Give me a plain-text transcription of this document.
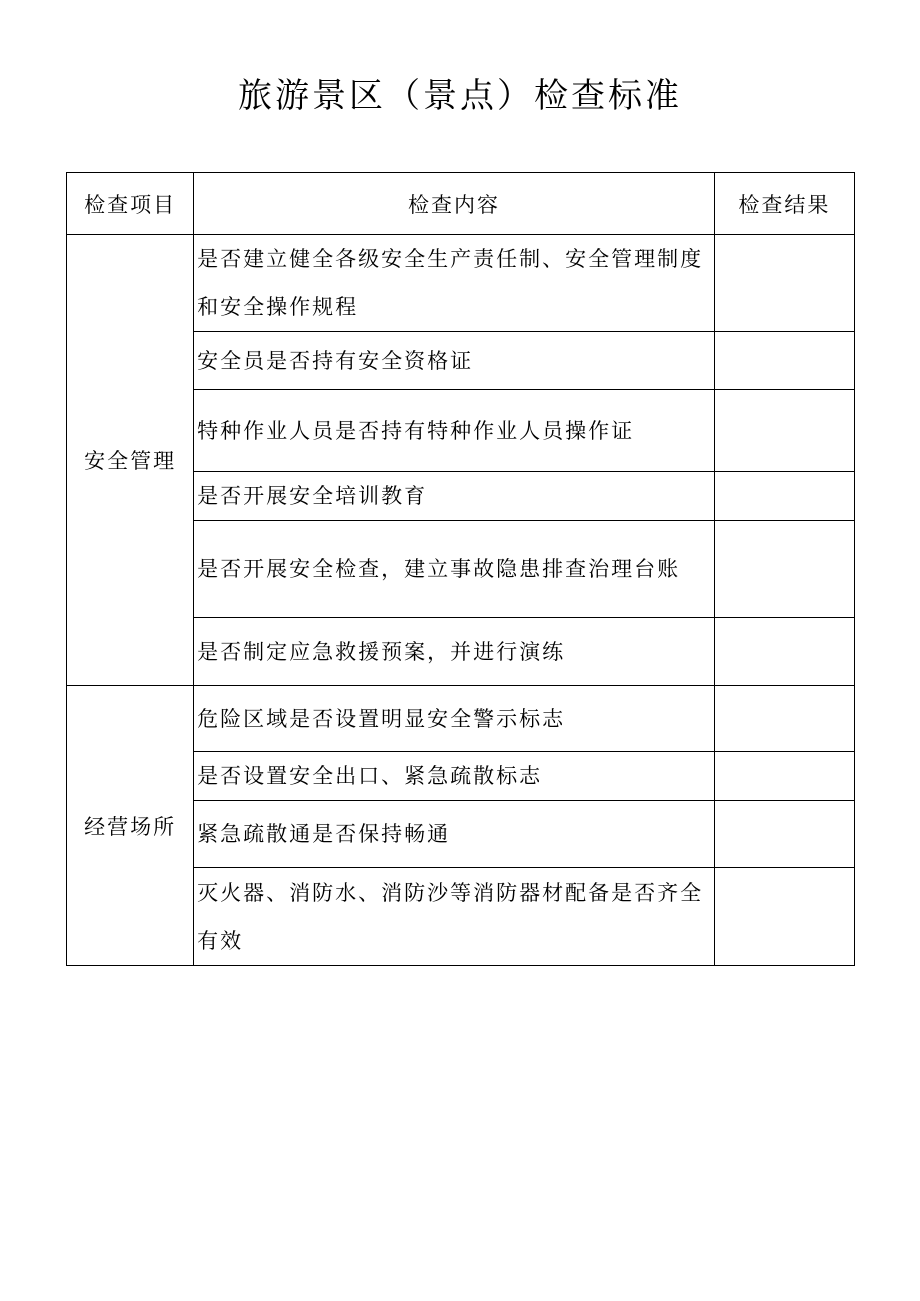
旅游景区（景点）检查标准
检查项目	检查内容	检查结果
安全管理	是否建立健全各级安全生产责任制、安全管理制度和安全操作规程	
	安全员是否持有安全资格证	
	特种作业人员是否持有特种作业人员操作证	
	是否开展安全培训教育	
	是否开展安全检查，建立事故隐患排查治理台账	
	是否制定应急救援预案，并进行演练	
经营场所	危险区域是否设置明显安全警示标志	
	是否设置安全出口、紧急疏散标志	
	紧急疏散通是否保持畅通	
	灭火器、消防水、消防沙等消防器材配备是否齐全有效	
